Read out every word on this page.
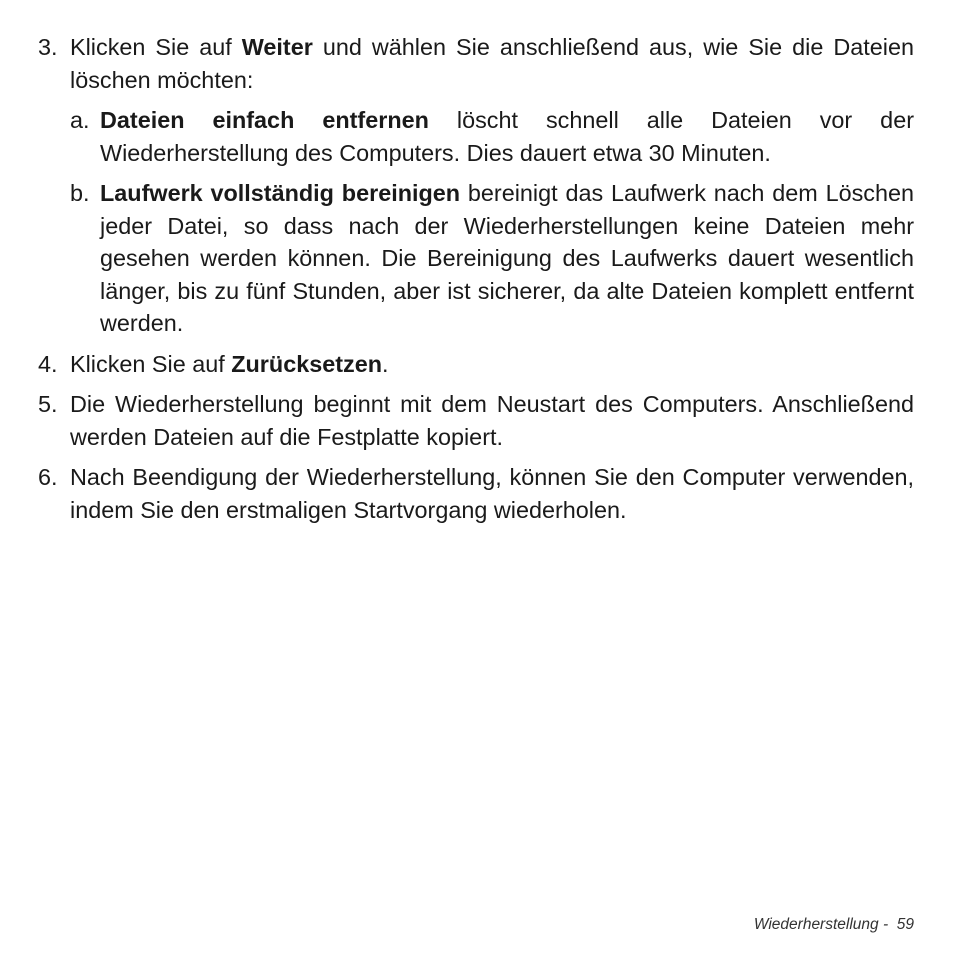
3. Klicken Sie auf Weiter und wählen Sie anschließend aus, wie Sie die Dateien löschen möchten:
a. Dateien einfach entfernen löscht schnell alle Dateien vor der Wiederherstellung des Computers. Dies dauert etwa 30 Minuten.
b. Laufwerk vollständig bereinigen bereinigt das Laufwerk nach dem Löschen jeder Datei, so dass nach der Wiederherstellungen keine Dateien mehr gesehen werden können. Die Bereinigung des Laufwerks dauert wesentlich länger, bis zu fünf Stunden, aber ist sicherer, da alte Dateien komplett entfernt werden.
4. Klicken Sie auf Zurücksetzen.
5. Die Wiederherstellung beginnt mit dem Neustart des Computers. Anschließend werden Dateien auf die Festplatte kopiert.
6. Nach Beendigung der Wiederherstellung, können Sie den Computer verwenden, indem Sie den erstmaligen Startvorgang wiederholen.
Wiederherstellung - 59
